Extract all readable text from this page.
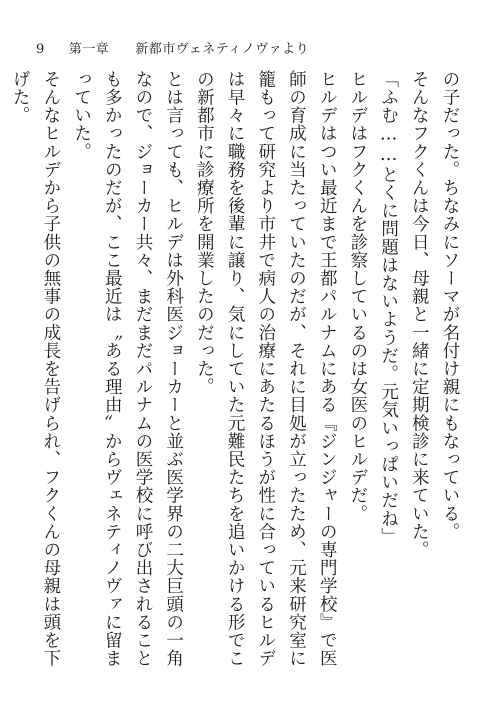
9 第一章 新都市ヴェネティノヴァより

の子だった。ちなみにソーマが名付け親にもなっている。

そんなフクくんは今日、母親と一緒に定期検診に来ていた。

「ふむ……とくに問題はないようだ。元気いっぱいだね」

ヒルデはフクくんを診察しているのは女医のヒルデだ。

ヒルデはつい最近まで王都パルナムにある『ジンジャーの専門学校』で医師の育成に当たっていたのだが、それに目処が立ったため、元来研究室に籠もって研究より市井で病人の治療にあたるほうが性に合っているヒルデは早々に職務を後輩に譲り、気にしていた元難民たちを追いかける形でこの新都市に診療所を開業したのだった。

とは言っても、ヒルデは外科医ジョーカーと並ぶ医学界の二大巨頭の一角なので、ジョーカー共々、まだまだパルナムの医学校に呼び出されることも多かったのだが、ここ最近は〝ある理由〟からヴェネティノヴァに留まっていた。

そんなヒルデから子供の無事の成長を告げられ、フクくんの母親は頭を下げた。
